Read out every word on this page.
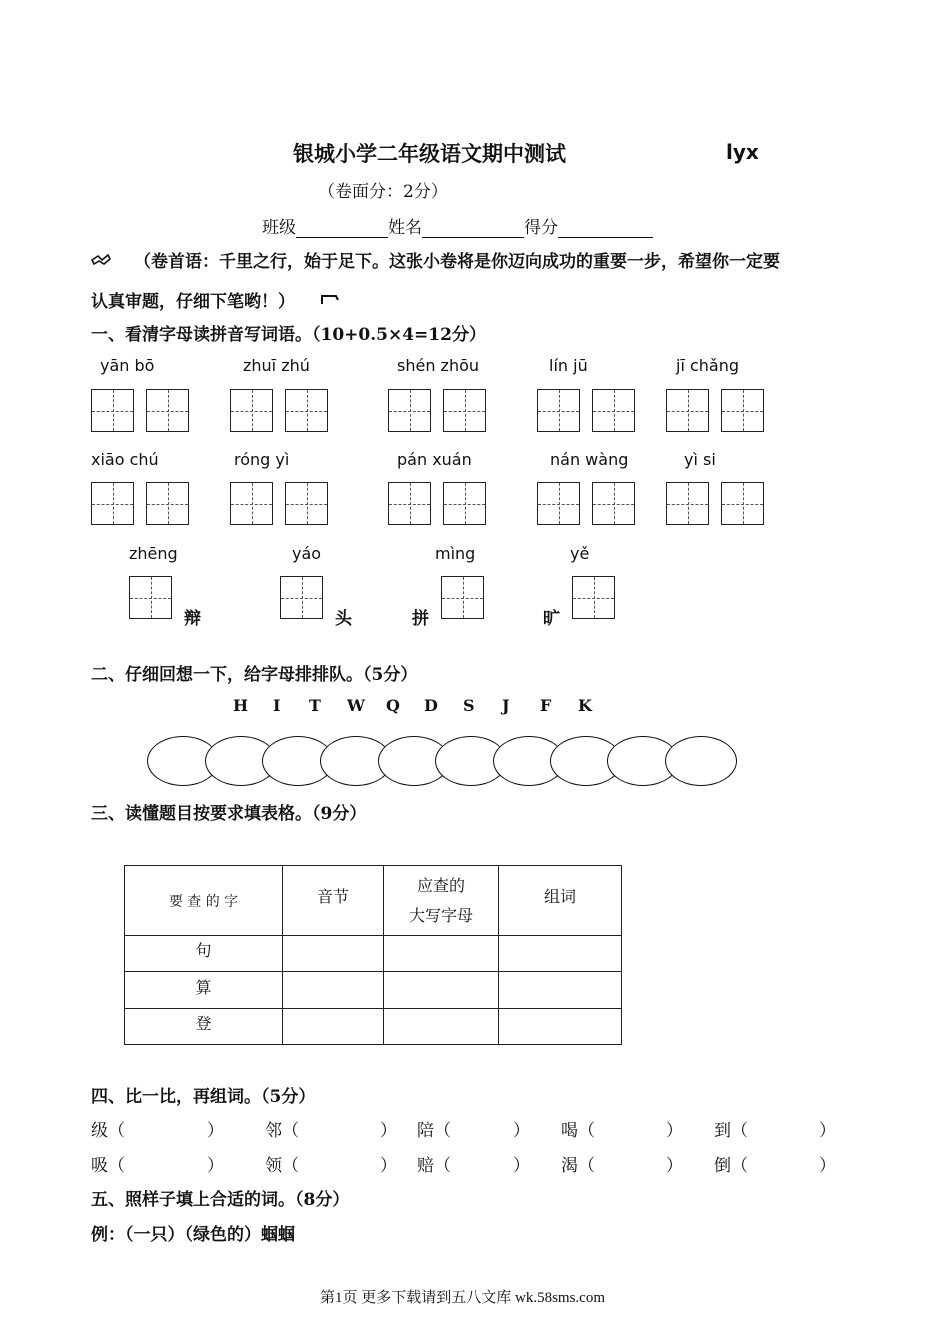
银城小学二年级语文期中测试	lyx
（卷面分：2分）
班级	姓名	得分
（卷首语：千里之行，始于足下。这张小卷将是你迈向成功的重要一步，希望你一定要
认真审题，仔细下笔哟！）
一、看清字母读拼音写词语。（10+0.5×4=12分）
yān bō	zhuī zhú	shén zhōu	lín jū	jī chǎng
xiāo chú	róng yì	pán xuán	nán wàng	yì si
zhēng	yáo	mìng	yě
辩	头	拼	旷
二、仔细回想一下，给字母排排队。（5分）
H I T W Q D S J F K
三、读懂题目按要求填表格。（9分）
要 查 的 字	音节	应查的
大写字母	组词
句			
算			
登			
四、比一比，再组词。（5分）
级（	） 邻（	） 陪（	） 喝（	） 到（	）
吸（	） 领（	） 赔（	） 渴（	） 倒（	）
五、照样子填上合适的词。（8分）
例：（一只）（绿色的）蝈蝈
第1页 更多下载请到五八文库 wk.58sms.com
